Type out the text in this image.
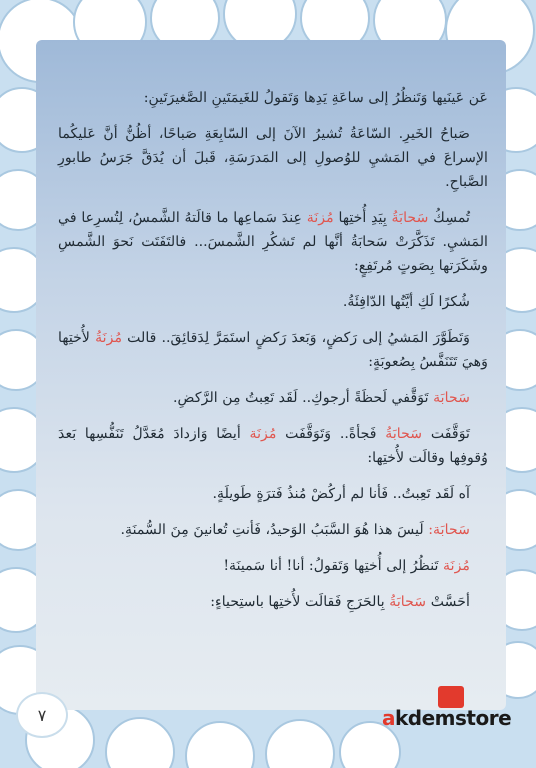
عَن عَينَيها وَتَنظُرُ إلى ساعَةِ يَدِها وَتَقولُ للغَيمَتَينِ الصَّغيرَتَينِ:

صَباحُ الخَيرِ. السّاعَةُ تُشيرُ الآنَ إلى السّابِعَةِ صَباحًا، أظُنُّ أنَّ عَليكُما الإسراعَ في المَشيِ للوُصولِ إلى المَدرَسَةِ، قَبلَ أن يُدَقَّ جَرَسُ طابورِ الصَّباحِ.

تُمسِكُ سَحابَةُ بِيَدِ أُختِها مُزنَة عِندَ سَماعِها ما قالَتهُ الشَّمسُ، لِتُسرِعا في المَشيِ. تَذَكَّرَتْ سَحابَةُ أنَّها لم تَشكُرِ الشَّمسَ... فالتَفَتَت نَحوَ الشَّمسِ وشَكَرَتها بِصَوتٍ مُرتَفِعٍ:

شُكرًا لَكِ أيَّتُها الدّافِئَةُ.

وَتَطَوَّرَ المَشيُ إلى رَكضٍ، وَبَعدَ رَكضٍ استَمَرَّ لِدَقائِقَ.. قالت مُزنَةُ لأُختِها وَهيَ تَتَنَفَّسُ بِصُعوبَةٍ:

سَحابَة تَوَقَّفي لَحظَةً أرجوكِ.. لَقَد تَعِبتُ مِن الرَّكضِ.

تَوَقَّفَت سَحابَةُ فَجأةً.. وَتَوَقَّفَت مُزنَة أيضًا وَازدادَ مُعَدَّلُ تَنَفُّسِها بَعدَ وُقوفِها وقالَت لأُختِها:

آه لَقَد تَعِبتُ.. فَأنا لم أركُضْ مُنذُ فَترَةٍ طَويلَةٍ.

سَحابَة: لَيسَ هذا هُوَ السَّبَبُ الوَحيدُ، فَأنتِ تُعانينَ مِنَ السُّمنَةِ.

مُزنَة تَنظُرُ إلى أُختِها وَتَقولُ: أنا! أنا سَمينَة!

أحَسَّتْ سَحابَةُ بِالحَرَجِ فَقالَت لأُختِها باستِحياءٍ:

٧	akdemstore
